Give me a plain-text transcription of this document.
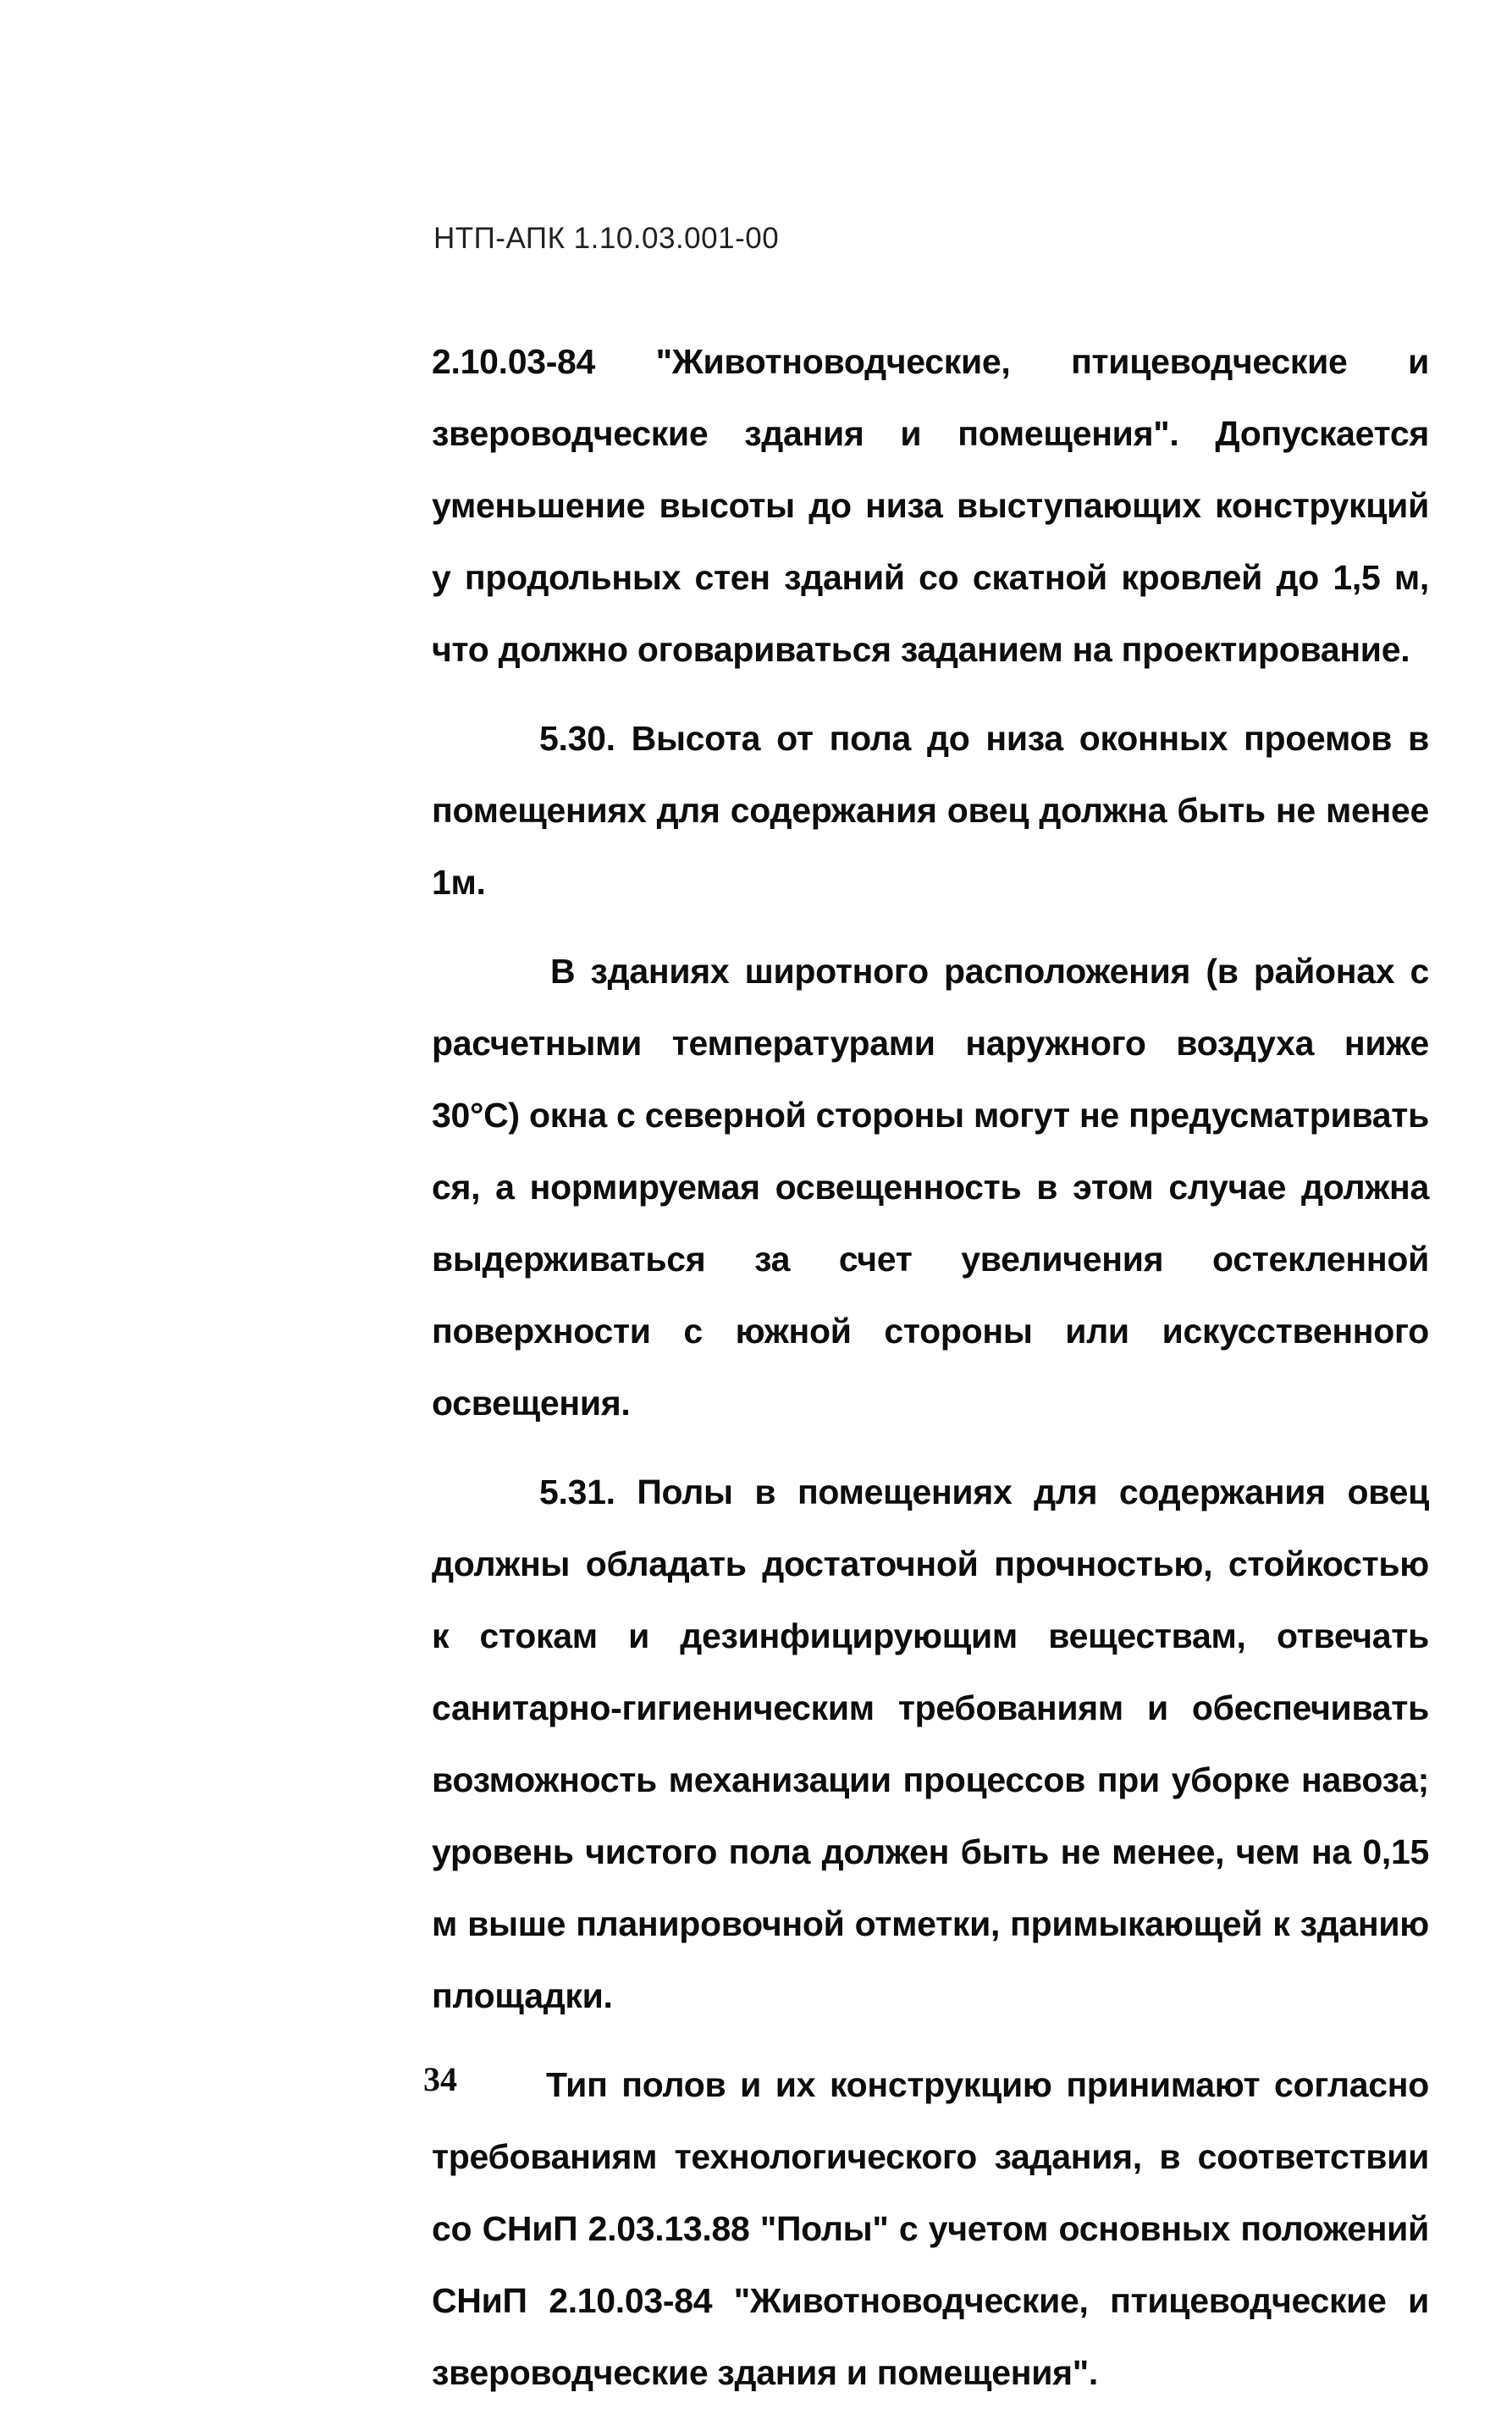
НТП-АПК 1.10.03.001-00

2.10.03-84 "Животноводческие, птицеводческие и звероводческие здания и помещения". Допускается уменьшение высоты до низа выступающих конструкций у продольных стен зданий со скатной кровлей до 1,5 м, что должно оговариваться заданием на проектирование.

5.30. Высота от пола до низа оконных проемов в помещениях для содержания овец должна быть не менее 1м.

В зданиях широтного расположения (в районах с расчетными температурами наружного воздуха ниже 30°С) окна с северной стороны могут не предусматривать ся, а нормируемая освещенность в этом случае должна выдерживаться за счет увеличения остекленной поверхности с южной стороны или искусственного освещения.

5.31. Полы в помещениях для содержания овец должны обладать достаточной прочностью, стойкостью к стокам и дезинфицирующим веществам, отвечать санитарно-гигиеническим требованиям и обеспечивать возможность механизации процессов при уборке навоза; уровень чистого пола должен быть не менее, чем на 0,15 м выше планировочной отметки, примыкающей к зданию площадки.

Тип полов и их конструкцию принимают согласно требованиям технологического задания, в соответствии со СНиП 2.03.13.88 "Полы" с учетом основных положений СНиП 2.10.03-84 "Животноводческие, птицеводческие и звероводческие здания и помещения".

34
